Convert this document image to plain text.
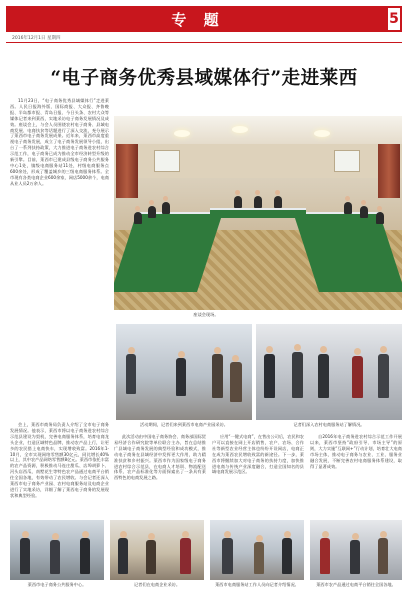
专 题	5
2016年12月1日 星期四
“电子商务优秀县域媒体行”走进莱西

11月23日，“电子商务优秀县域媒体行”走进莱西。人民日报海外版、国际商报、大众报、齐鲁晚报、半岛都市报、青岛日报、今日头条、农村大众等媒体记者来到莱西，实地采访电子商务发展情况及成效。座谈会上，与会人员围绕农村电子商务、县域电商发展、电商扶贫等话题进行了深入交流，充分展示了莱西市电子商务发展成果。近年来，莱西市高度重视电子商务发展，成立了电子商务发展领导小组，出台了一系列扶持政策，大力推进电子商务进农村综合示范工作，电子商务已成为推动全市经济转型升级的新引擎。目前，莱西市已建成县级电子商务公共服务中心1处，镇级电商服务站11处，村级电商服务点600余处，形成了覆盖城乡的三级电商服务体系。全市现有各类电商企业600余家，网店5000余个，电商从业人员2万余人。

座谈会现场。
活动期间，记者们来到莱西市电商产业园采访。	记者们深入农村电商服务站了解情况。

会上，莱西市商务局负责人介绍了全市电子商务发展情况。他表示，莱西市将以电子商务进农村综合示范县建设为契机，完善电商服务体系，培育电商龙头企业，打造区域特色品牌，推动农产品上行，让更多的农民搭上电商快车，实现增收致富。2016年1-10月，全市实现网络零售额30亿元，同比增长40%以上，其中农产品网络零售额8亿元。莱西市依托丰富的农产品资源，积极推动马连庄甜瓜、店埠胡萝卜、河头店西瓜、南墅花生等特色农产品通过电商平台销往全国各地，有效带动了农民增收。与会记者还深入莱西市电子商务产业园、农村电商服务站及电商企业进行了实地采访，详细了解了莱西电子商务的发展现状和典型经验。

此次活动由中国电子商务协会、商务部国际贸易经济合作研究院等单位联合主办，旨在总结推广县域电子商务发展的典型经验和成功模式，推动电子商务在县域经济中发挥更大作用，助力精准扶贫和乡村振兴。莱西市作为国家级电子商务进农村综合示范县，在电商人才培训、物流配送体系、农产品标准化等方面探索出了一条具有莱西特色的电商发展之路。

应用“一键式电商”，在售出公司后，农民和农户可以直接在网上开店销售，农户、农场、合作社等新型农业经营主体也纷纷开设网店，电商正在成为莱西农民增收致富的新途径。下一步，莱西市将继续加大对电子商务的扶持力度，加快推进电商与传统产业深度融合，打造全国知名的县域电商发展示范区。

自2016年电子商务进农村综合示范工作开展以来，莱西市坚持“政府引导、市场主导”的原则，大力实施“互联网+”行动计划，培育壮大电商市场主体，推动电子商务与农业、工业、服务业融合发展，不断完善农村电商服务体系建设，取得了显著成效。

莱西市电子商务公共服务中心。	记者们在电商企业采访。	莱西市电商服务站工作人员向记者介绍情况。	莱西市农产品通过电商平台销往全国各地。
